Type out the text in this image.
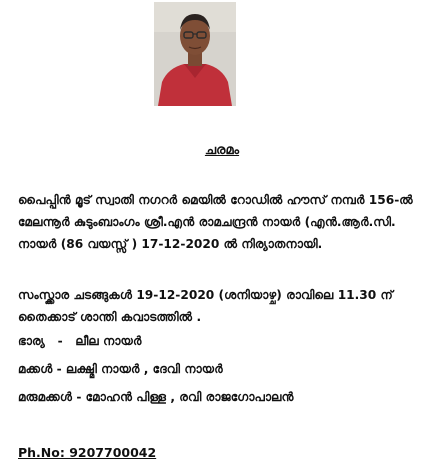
ചരമം

പൈപ്പിൻ മൂട് സ്വാതി നഗറർ മെയിൽ റോഡിൽ ഹൗസ് നമ്പർ 156-ൽ മേലന്നൂർ കുടുംബാംഗം ശ്രീ.എൻ രാമചന്ദ്രൻ നായർ (എൻ.ആർ.സി. നായർ (86 വയസ്സ് ) 17-12-2020 ൽ നിര്യാതനായി.

സംസ്ക്കാര ചടങ്ങുകൾ 19-12-2020 (ശനിയാഴ്ച) രാവിലെ 11.30 ന് തൈക്കാട് ശാന്തി കവാടത്തിൽ .

ഭാര്യ   -   ലീല നായർ
മക്കൾ - ലക്ഷ്മി നായർ , ദേവി നായർ
മരുമക്കൾ - മോഹൻ പിള്ള , രവി രാജഗോപാലൻ
Ph.No: 9207700042
